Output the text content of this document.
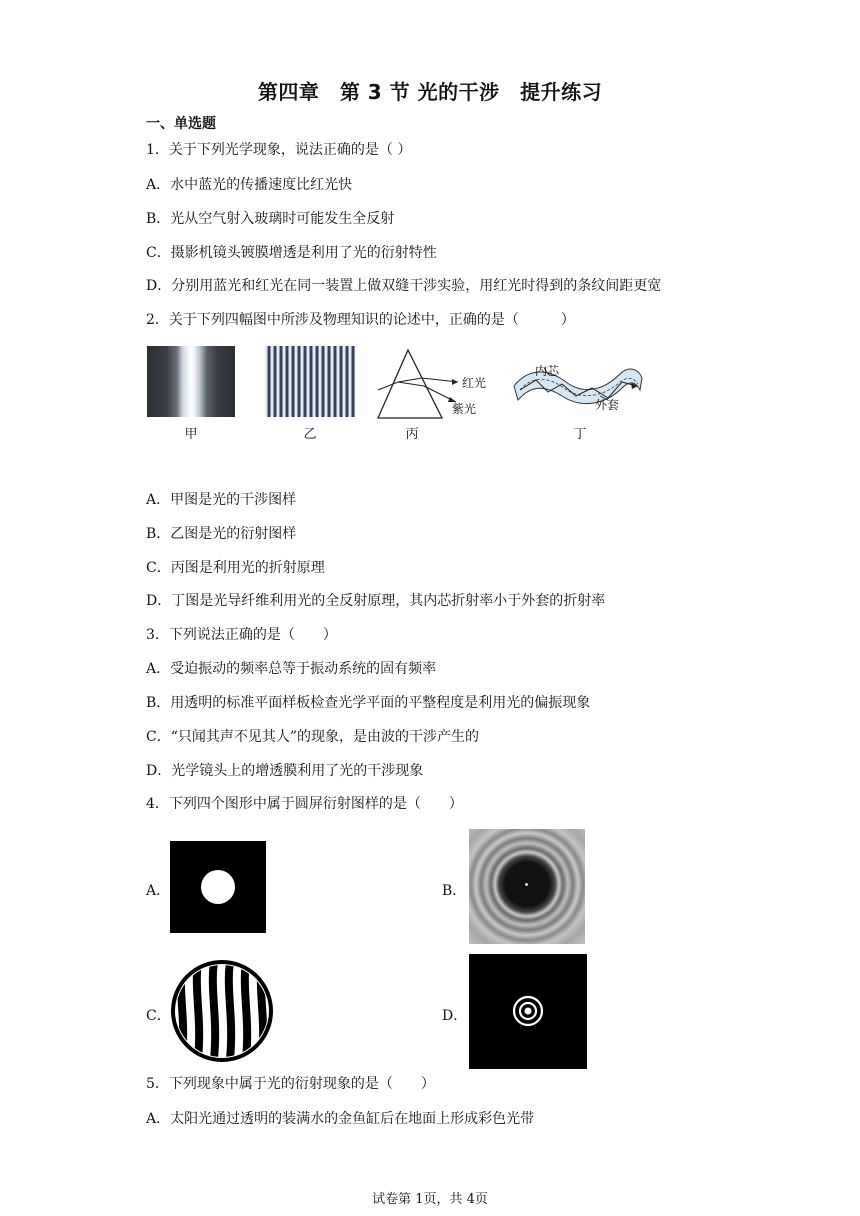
第四章　第 3 节 光的干涉　提升练习
一、单选题
1．关于下列光学现象，说法正确的是（ ）
A．水中蓝光的传播速度比红光快
B．光从空气射入玻璃时可能发生全反射
C．摄影机镜头镀膜增透是利用了光的衍射特性
D．分别用蓝光和红光在同一装置上做双缝干涉实验，用红光时得到的条纹间距更宽
2．关于下列四幅图中所涉及物理知识的论述中，正确的是（　　　）
甲	乙
红光
紫光
丙
内芯
外套
丁
A．甲图是光的干涉图样
B．乙图是光的衍射图样
C．丙图是利用光的折射原理
D．丁图是光导纤维利用光的全反射原理，其内芯折射率小于外套的折射率
3．下列说法正确的是（　　）
A．受迫振动的频率总等于振动系统的固有频率
B．用透明的标准平面样板检查光学平面的平整程度是利用光的偏振现象
C．“只闻其声不见其人”的现象，是由波的干涉产生的
D．光学镜头上的增透膜利用了光的干涉现象
4．下列四个图形中属于圆屏衍射图样的是（　　）
A．	B．
C．	D．
5．下列现象中属于光的衍射现象的是（　　）
A．太阳光通过透明的装满水的金鱼缸后在地面上形成彩色光带
试卷第 1页，共 4页
